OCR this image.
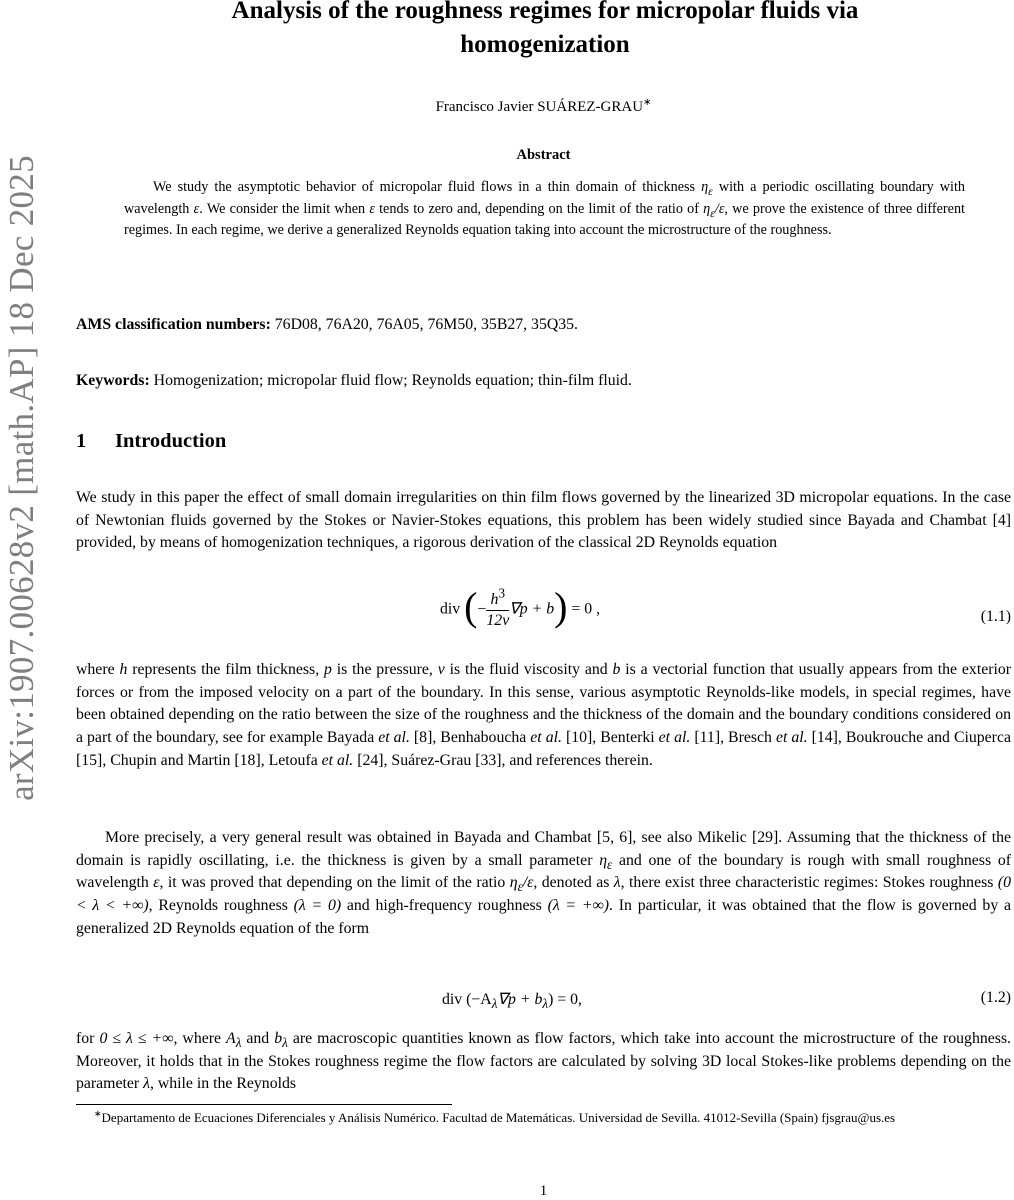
arXiv:1907.00628v2 [math.AP] 18 Dec 2025
Analysis of the roughness regimes for micropolar fluids via
homogenization
Francisco Javier SUÁREZ-GRAU∗
Abstract
We study the asymptotic behavior of micropolar fluid flows in a thin domain of thickness $\eta_\varepsilon$ with a periodic oscillating boundary with wavelength ε. We consider the limit when ε tends to zero and, depending on the limit of the ratio of $\eta_\varepsilon/\varepsilon$, we prove the existence of three different regimes. In each regime, we derive a generalized Reynolds equation taking into account the microstructure of the roughness.
AMS classification numbers: 76D08, 76A20, 76A05, 76M50, 35B27, 35Q35.
Keywords: Homogenization; micropolar fluid flow; Reynolds equation; thin-film fluid.
1 Introduction
We study in this paper the effect of small domain irregularities on thin film flows governed by the linearized 3D micropolar equations. In the case of Newtonian fluids governed by the Stokes or Navier-Stokes equations, this problem has been widely studied since Bayada and Chambat [4] provided, by means of homogenization techniques, a rigorous derivation of the classical 2D Reynolds equation
div (− $\frac{h^3}{12\nu} \nabla p + b) = 0$ ,	(1.1)
where h represents the film thickness, p is the pressure, ν is the fluid viscosity and b is a vectorial function that usually appears from the exterior forces or from the imposed velocity on a part of the boundary. In this sense, various asymptotic Reynolds-like models, in special regimes, have been obtained depending on the ratio between the size of the roughness and the thickness of the domain and the boundary conditions considered on a part of the boundary, see for example Bayada et al. [8], Benhaboucha et al. [10], Benterki et al. [11], Bresch et al. [14], Boukrouche and Ciuperca [15], Chupin and Martin [18], Letoufa et al. [24], Suárez-Grau [33], and references therein.
More precisely, a very general result was obtained in Bayada and Chambat [5, 6], see also Mikelic [29]. Assuming that the thickness of the domain is rapidly oscillating, i.e. the thickness is given by a small parameter $\eta_\varepsilon$ and one of the boundary is rough with small roughness of wavelength ε, it was proved that depending on the limit of the ratio $\eta_\varepsilon/\varepsilon$, denoted as λ, there exist three characteristic regimes: Stokes roughness (0 < λ < +∞), Reynolds roughness (λ = 0) and high-frequency roughness (λ = +∞). In particular, it was obtained that the flow is governed by a generalized 2D Reynolds equation of the form
div $(-A_\lambda\nabla p + b_\lambda) = 0$,	(1.2)
for 0 ≤ λ ≤ +∞, where $A_\lambda$ and $b_\lambda$ are macroscopic quantities known as flow factors, which take into account the microstructure of the roughness. Moreover, it holds that in the Stokes roughness regime the flow factors are calculated by solving 3D local Stokes-like problems depending on the parameter λ, while in the Reynolds
∗Departamento de Ecuaciones Diferenciales y Análisis Numérico. Facultad de Matemáticas. Universidad de Sevilla. 41012-Sevilla (Spain) fjsgrau@us.es
1
